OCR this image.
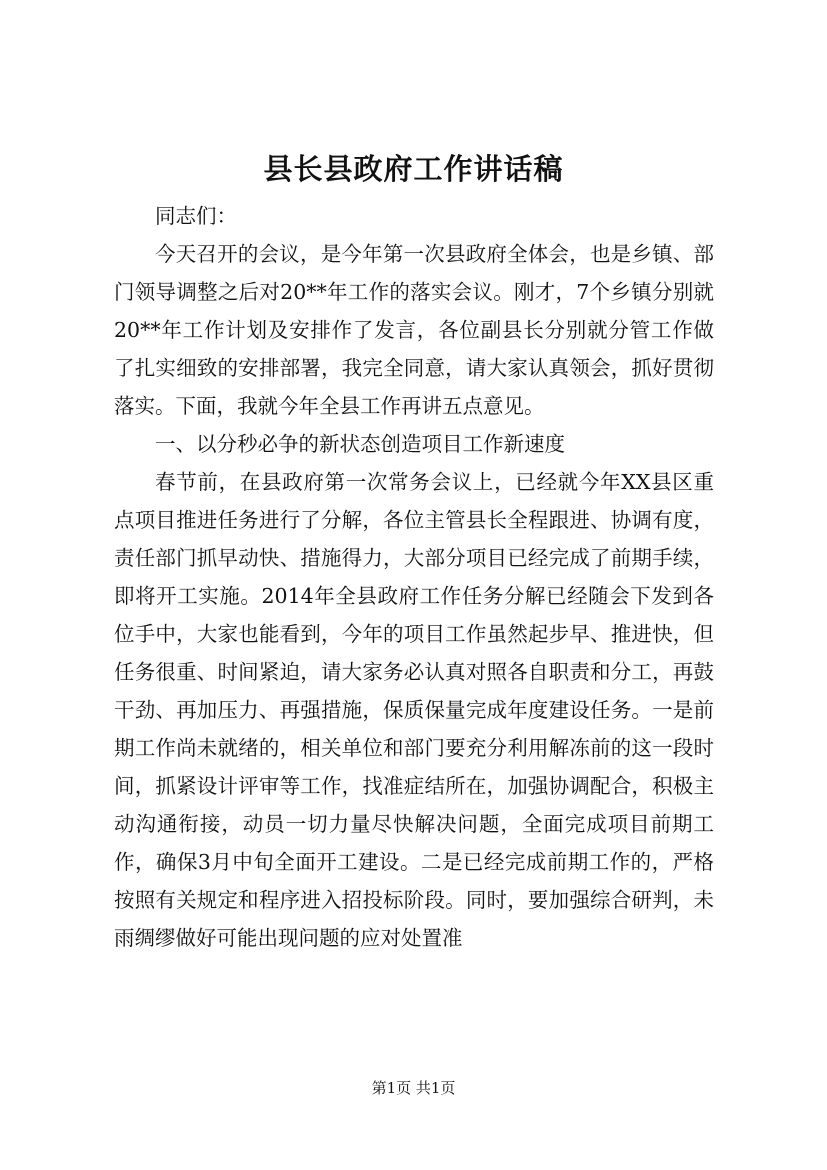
县长县政府工作讲话稿

同志们：

今天召开的会议，是今年第一次县政府全体会，也是乡镇、部门领导调整之后对20**年工作的落实会议。刚才，7个乡镇分别就20**年工作计划及安排作了发言，各位副县长分别就分管工作做了扎实细致的安排部署，我完全同意，请大家认真领会，抓好贯彻落实。下面，我就今年全县工作再讲五点意见。

一、以分秒必争的新状态创造项目工作新速度

春节前，在县政府第一次常务会议上，已经就今年XX县区重点项目推进任务进行了分解，各位主管县长全程跟进、协调有度，责任部门抓早动快、措施得力，大部分项目已经完成了前期手续，即将开工实施。2014年全县政府工作任务分解已经随会下发到各位手中，大家也能看到，今年的项目工作虽然起步早、推进快，但任务很重、时间紧迫，请大家务必认真对照各自职责和分工，再鼓干劲、再加压力、再强措施，保质保量完成年度建设任务。一是前期工作尚未就绪的，相关单位和部门要充分利用解冻前的这一段时间，抓紧设计评审等工作，找准症结所在，加强协调配合，积极主动沟通衔接，动员一切力量尽快解决问题，全面完成项目前期工作，确保3月中旬全面开工建设。二是已经完成前期工作的，严格按照有关规定和程序进入招投标阶段。同时，要加强综合研判，未雨绸缪做好可能出现问题的应对处置准

第1页 共1页
